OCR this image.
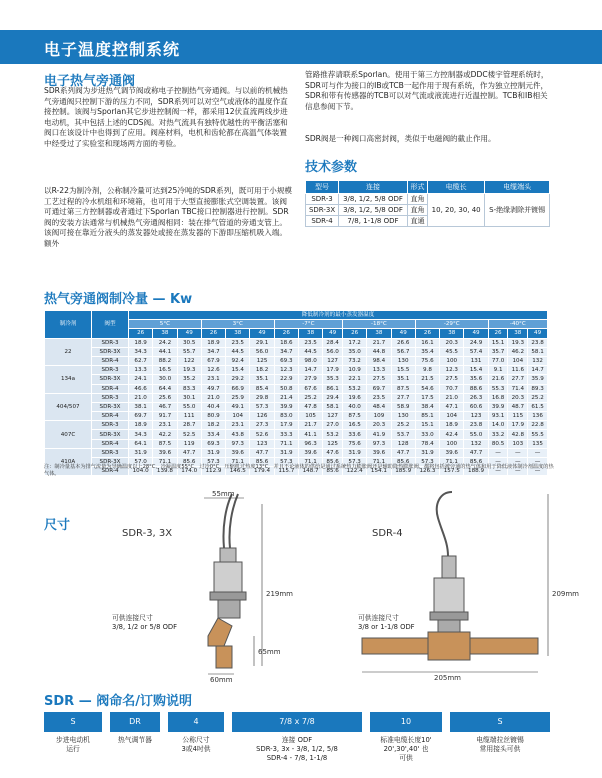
电子温度控制系统
电子热气旁通阀
SDR系列阀为步进热气调节阀或称电子控制热气旁通阀。与以前的机械热气旁通阀只控制下游的压力不同，SDR系列可以对空气或液体的温度作直接控制。该阀与Sporlan其它步进控制阀一样，都采用12伏直流两线步进电动机，其中包括上述的CDS阀。对热气流具有独特优越性的平衡活塞和阀口在该设计中也得到了应用。阀座材料，电机和齿轮都在高温气体装置中经受过了实验室和现场两方面的考验。
以R-22为制冷剂，公称制冷量可达到25冷吨的SDR系列，既可用于小规模工艺过程的冷水机组和环境箱，也可用于大型直接膨胀式空调装置。该阀可通过第三方控制器或者通过下Sporlan TBC接口控制器进行控制。SDR阀的安装方法通常与机械热气旁通阀相同：装在排气管道的旁通支管上。该阀可接在靠近分液头的蒸发器处或接在蒸发器的下游即压缩机吸入端。额外
管路推荐请联系Sporlan。使用于第三方控制器或DDC楼宇管理系统时，SDR可与作为接口的IB或TCB一起作用于现有系统，作为独立控制元件，SDR和带有传感器的TCB可以对气流或液流进行近温控制。TCB和IB相关信息参阅下节。
SDR阀是一种阀口高密封阀，类似于电磁阀的截止作用。
技术参数
型号	连接	形式	电缆长	电缆端头
SDR-3	3/8, 1/2, 5/8 ODF	直角	10, 20, 30, 40	S-绝缘剥除并镀锡
SDR-3X	3/8, 1/2, 5/8 ODF	直角		
SDR-4	7/8, 1-1/8 ODF	直通		
热气旁通阀制冷量 — Kw
制冷剂	阀型	降低制冷剂的最小蒸发器温度																	
		5°C			3°C			-7°C			-18°C			-29°C			-40°C		
		26	38	49	26	38	49	26	38	49	26	38	49	26	38	49	26	38	49
22	SDR-3	18.9	24.2	30.5	18.9	23.5	29.1	18.6	23.5	28.4	17.2	21.7	26.6	16.1	20.3	24.9	15.1	19.3	23.8
	SDR-3X	34.3	44.1	55.7	34.7	44.5	56.0	34.7	44.5	56.0	35.0	44.8	56.7	35.4	45.5	57.4	35.7	46.2	58.1
	SDR-4	62.7	88.2	122	67.9	92.4	125	69.3	98.0	127	73.2	98.4	130	75.6	100	131	77.0	104	132
134a	SDR-3	13.3	16.5	19.3	12.6	15.4	18.2	12.3	14.7	17.9	10.9	13.3	15.5	9.8	12.3	15.4	9.1	11.6	14.7
	SDR-3X	24.1	30.0	35.2	23.1	29.2	35.1	22.9	27.9	35.3	22.1	27.5	35.1	21.5	27.5	35.6	21.6	27.7	35.9
	SDR-4	46.6	64.4	83.3	49.7	66.9	85.4	50.8	67.6	86.1	53.2	69.7	87.5	54.6	70.7	88.6	55.3	71.4	89.3
404/507	SDR-3	21.0	25.6	30.1	21.0	25.9	29.8	21.4	25.2	29.4	19.6	23.5	27.7	17.5	21.0	26.3	16.8	20.3	25.2
	SDR-3X	38.1	46.7	55.0	40.4	49.1	57.3	39.9	47.8	58.1	40.0	48.4	58.9	38.4	47.1	60.6	39.9	48.7	61.5
	SDR-4	69.7	91.7	111	80.9	104	126	83.0	105	127	87.5	109	130	85.1	104	123	93.1	115	136
407C	SDR-3	18.9	23.1	28.7	18.2	23.1	27.3	17.9	21.7	27.0	16.5	20.3	25.2	15.1	18.9	23.8	14.0	17.9	22.8
	SDR-3X	34.3	42.2	52.5	33.4	43.8	52.6	33.3	41.1	53.2	33.6	41.9	53.7	33.0	42.4	55.0	33.2	42.8	55.5
	SDR-4	64.1	87.5	119	69.3	97.3	123	71.1	96.3	125	75.6	97.3	128	78.4	100	132	80.5	103	135
410A	SDR-3	31.9	39.6	47.7	31.9	39.6	47.7	31.9	39.6	47.6	31.9	39.6	47.7	31.9	39.6	47.7	—	—	—
	SDR-3X	57.0	71.1	85.6	57.3	71.1	85.6	57.3	71.1	85.6	57.3	71.1	85.6	57.3	71.1	85.6	—	—	—
	SDR-4	104.0	139.8	174.0	112.9	146.5	179.4	115.7	148.7	85.6	122.4	154.1	185.9	126.3	157.5	188.9	—	—	—
注：制冷量基本为排气流量为导确温度以上28°C，冷凝温度55°C，过冷0°C，压缩机过热度13°C，并且不论液体的供给是通过系统热力膨胀阀还是辅助降热膨胀阀，都将包括被旁通的热气体和用于降低液体制冷剂温度的热气体。
尺寸
SDR-3, 3X	SDR-4
55mm
219mm
65mm
60mm
可供连接尺寸
3/8, 1/2 or 5/8 ODF
209mm
205mm
可供连接尺寸
3/8 or 1-1/8 ODF
SDR — 阀命名/订购说明
S	DR	4	7/8 x 7/8	10	S
步进电动机
运行
热气调节器	公称尺寸
3或4吋供
连接 ODF
SDR-3, 3x - 3/8, 1/2, 5/8
SDR-4 - 7/8, 1-1/8
标准电缆长度10'
20',30',40' 也
可供
电缆端拉丝镀锡
常用接头可供
